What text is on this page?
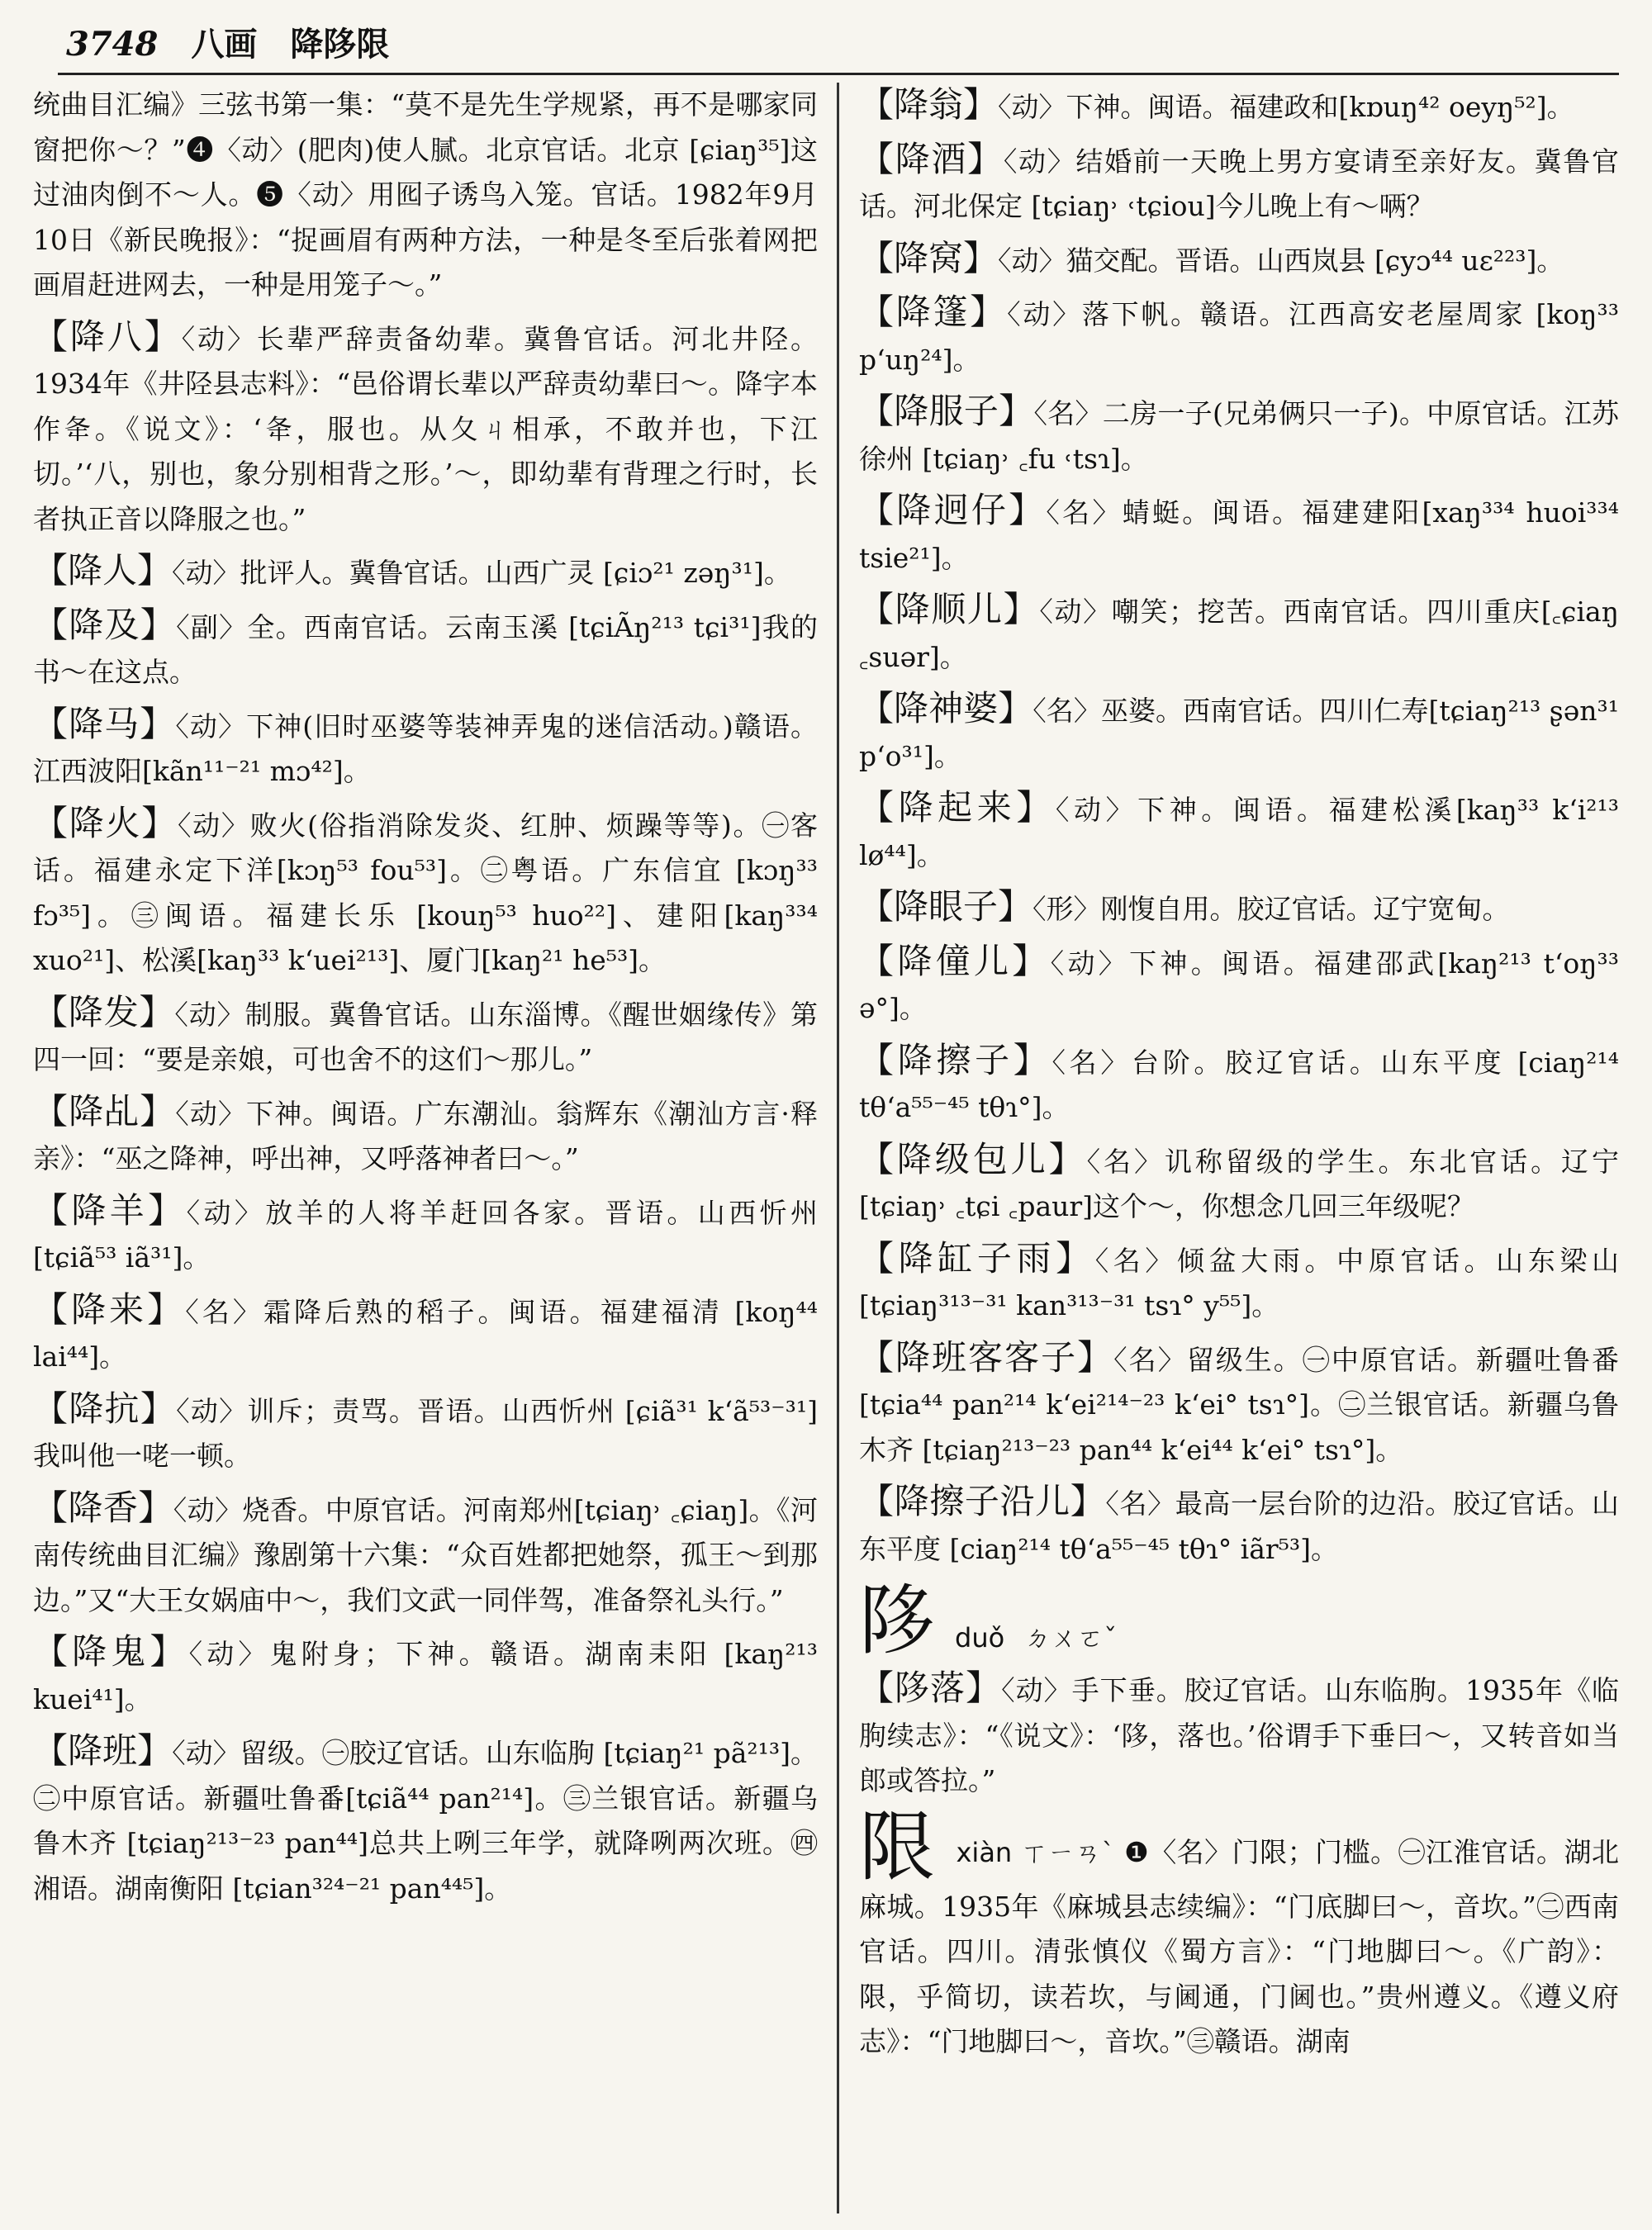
3748 八画 降陊限

统曲目汇编》三弦书第一集：“莫不是先生学规紧，再不是哪家同窗把你～？”❹〈动〉(肥肉)使人腻。北京官话。北京 [ɕiaŋ³⁵]这过油肉倒不～人。❺〈动〉用囮子诱鸟入笼。官话。1982年9月10日《新民晚报》：“捉画眉有两种方法，一种是冬至后张着网把画眉赶进网去，一种是用笼子～。”

【降八】〈动〉长辈严辞责备幼辈。冀鲁官话。河北井陉。1934年《井陉县志料》：“邑俗谓长辈以严辞责幼辈曰～。降字本作夅。《说文》：‘夅，服也。从夂ㄐ相承，不敢并也，下江切。’‘八，别也，象分别相背之形。’～，即幼辈有背理之行时，长者执正音以降服之也。”

【降人】〈动〉批评人。冀鲁官话。山西广灵 [ɕiɔ²¹ zəŋ³¹]。

【降及】〈副〉全。西南官话。云南玉溪 [tɕiÃŋ²¹³ tɕi³¹]我的书～在这点。

【降马】〈动〉下神(旧时巫婆等装神弄鬼的迷信活动。)赣语。江西波阳[kãn¹¹⁻²¹ mɔ⁴²]。

【降火】〈动〉败火(俗指消除发炎、红肿、烦躁等等)。㊀客话。福建永定下洋[kɔŋ⁵³ fou⁵³]。㊁粤语。广东信宜 [kɔŋ³³ fɔ³⁵]。㊂闽语。福建长乐 [kouŋ⁵³ huo²²]、建阳[kaŋ³³⁴ xuo²¹]、松溪[kaŋ³³ k‘uei²¹³]、厦门[kaŋ²¹ he⁵³]。

【降发】〈动〉制服。冀鲁官话。山东淄博。《醒世姻缘传》第四一回：“要是亲娘，可也舍不的这们～那儿。”

【降乩】〈动〉下神。闽语。广东潮汕。翁辉东《潮汕方言·释亲》：“巫之降神，呼出神，又呼落神者曰～。”

【降羊】〈动〉放羊的人将羊赶回各家。晋语。山西忻州 [tɕiã⁵³ iã³¹]。

【降来】〈名〉霜降后熟的稻子。闽语。福建福清 [koŋ⁴⁴ lai⁴⁴]。

【降抗】〈动〉训斥；责骂。晋语。山西忻州 [ɕiã³¹ k‘ã⁵³⁻³¹]我叫他一咾一顿。

【降香】〈动〉烧香。中原官话。河南郑州[tɕiaŋ˒ ꜀ɕiaŋ]。《河南传统曲目汇编》豫剧第十六集：“众百姓都把她祭，孤王～到那边。”又“大王女娲庙中～，我们文武一同伴驾，准备祭礼头行。”

【降鬼】〈动〉鬼附身；下神。赣语。湖南耒阳 [kaŋ²¹³ kuei⁴¹]。

【降班】〈动〉留级。㊀胶辽官话。山东临朐 [tɕiaŋ²¹ pã²¹³]。㊁中原官话。新疆吐鲁番[tɕiã⁴⁴ pan²¹⁴]。㊂兰银官话。新疆乌鲁木齐 [tɕiaŋ²¹³⁻²³ pan⁴⁴]总共上咧三年学，就降咧两次班。㊃湘语。湖南衡阳 [tɕian³²⁴⁻²¹ pan⁴⁴⁵]。

【降翁】〈动〉下神。闽语。福建政和[kɒuŋ⁴² oeyŋ⁵²]。

【降酒】〈动〉结婚前一天晚上男方宴请至亲好友。冀鲁官话。河北保定 [tɕiaŋ˒ ˓tɕiou]今儿晚上有～唡？

【降窝】〈动〉猫交配。晋语。山西岚县 [ɕyɔ⁴⁴ uɛ²²³]。

【降篷】〈动〉落下帆。赣语。江西高安老屋周家 [koŋ³³ p‘uŋ²⁴]。

【降服子】〈名〉二房一子(兄弟俩只一子)。中原官话。江苏徐州 [tɕiaŋ˒ ꜀fu ˓tsɿ]。

【降迥仔】〈名〉蜻蜓。闽语。福建建阳[xaŋ³³⁴ huoi³³⁴ tsie²¹]。

【降顺儿】〈动〉嘲笑；挖苦。西南官话。四川重庆[꜀ɕiaŋ ꜀suər]。

【降神婆】〈名〉巫婆。西南官话。四川仁寿[tɕiaŋ²¹³ ʂən³¹ p‘o³¹]。

【降起来】〈动〉下神。闽语。福建松溪[kaŋ³³ k‘i²¹³ lø⁴⁴]。

【降眼子】〈形〉刚愎自用。胶辽官话。辽宁宽甸。

【降僮儿】〈动〉下神。闽语。福建邵武[kaŋ²¹³ t‘oŋ³³ ə°]。

【降擦子】〈名〉台阶。胶辽官话。山东平度 [ciaŋ²¹⁴ tθ‘a⁵⁵⁻⁴⁵ tθɿ°]。

【降级包儿】〈名〉讥称留级的学生。东北官话。辽宁[tɕiaŋ˒ ꜀tɕi ꜀paur]这个～，你想念几回三年级呢？

【降缸子雨】〈名〉倾盆大雨。中原官话。山东梁山 [tɕiaŋ³¹³⁻³¹ kan³¹³⁻³¹ tsɿ° y⁵⁵]。

【降班客客子】〈名〉留级生。㊀中原官话。新疆吐鲁番 [tɕia⁴⁴ pan²¹⁴ k‘ei²¹⁴⁻²³ k‘ei° tsɿ°]。㊁兰银官话。新疆乌鲁木齐 [tɕiaŋ²¹³⁻²³ pan⁴⁴ k‘ei⁴⁴ k‘ei° tsɿ°]。

【降擦子沿儿】〈名〉最高一层台阶的边沿。胶辽官话。山东平度 [ciaŋ²¹⁴ tθ‘a⁵⁵⁻⁴⁵ tθɿ° iãr⁵³]。

陊 duǒ ㄉㄨㄛˇ

【陊落】〈动〉手下垂。胶辽官话。山东临朐。1935年《临朐续志》：“《说文》：‘陊，落也。’俗谓手下垂曰～，又转音如当郎或答拉。”

限 xiàn ㄒㄧㄢˋ ❶〈名〉门限；门槛。㊀江淮官话。湖北麻城。1935年《麻城县志续编》：“门底脚曰～，音坎。”㊁西南官话。四川。清张慎仪《蜀方言》：“门地脚曰～。《广韵》：限，乎简切，读若坎，与阃通，门阃也。”贵州遵义。《遵义府志》：“门地脚曰～，音坎。”㊂赣语。湖南
